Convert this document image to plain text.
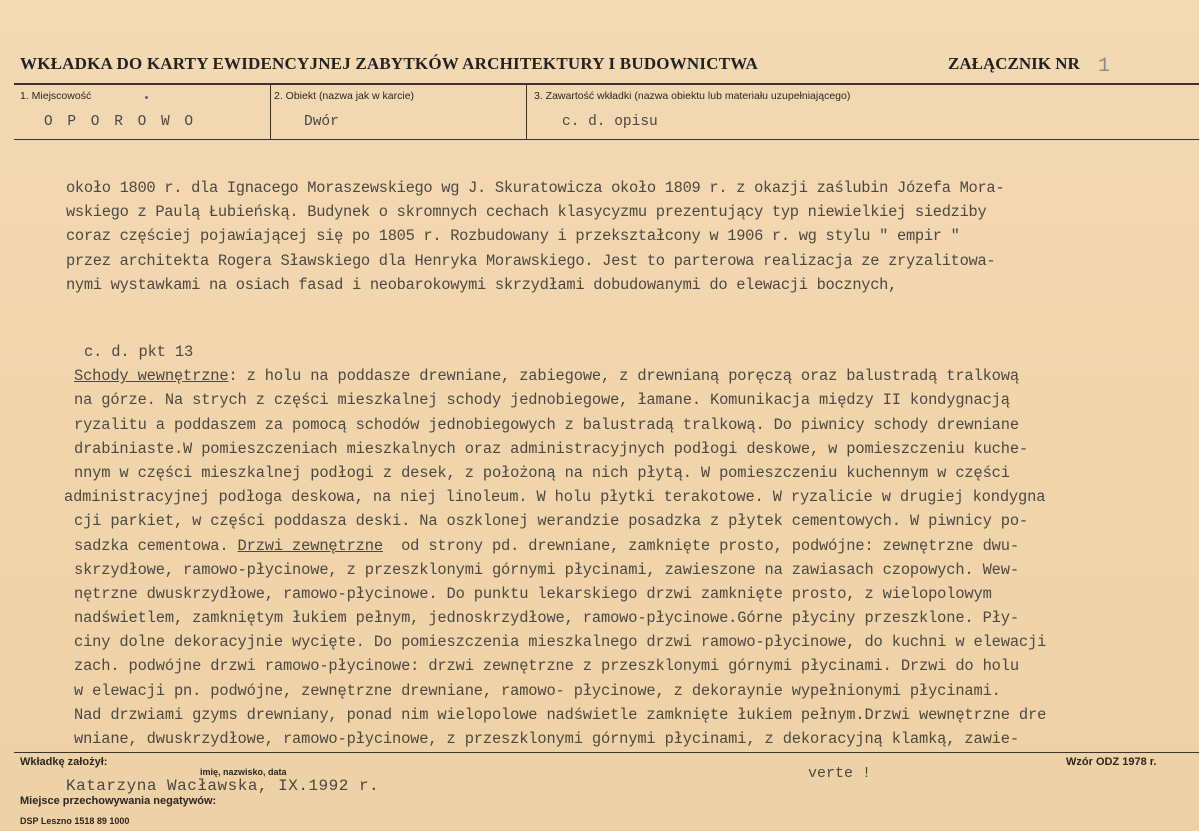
WKŁADKA DO KARTY EWIDENCYJNEJ ZABYTKÓW ARCHITEKTURY I BUDOWNICTWA	ZAŁĄCZNIK NR 1
1. Miejscowość
O P O R O W O
2. Obiekt (nazwa jak w karcie)
Dwór
3. Zawartość wkładki (nazwa obiektu lub materiału uzupełniającego)
c. d. opisu
około 1800 r. dla Ignacego Moraszewskiego wg J. Skuratowicza około 1809 r. z okazji zaślubin Józefa Mora-
wskiego z Paulą Łubieńską. Budynek o skromnych cechach klasycyzmu prezentujący typ niewielkiej siedziby
coraz częściej pojawiającej się po 1805 r. Rozbudowany i przekształcony w 1906 r. wg stylu " empir "
przez architekta Rogera Sławskiego dla Henryka Morawskiego. Jest to parterowa realizacja ze zryzalitowa-
nymi wystawkami na osiach fasad i neobarokowymi skrzydłami dobudowanymi do elewacji bocznych,
c. d. pkt 13
Schody wewnętrzne: z holu na poddasze drewniane, zabiegowe, z drewnianą poręczą oraz balustradą tralkową
na górze. Na strych z części mieszkalnej schody jednobiegowe, łamane. Komunikacja między II kondygnacją
ryzalitu a poddaszem za pomocą schodów jednobiegowych z balustradą tralkową. Do piwnicy schody drewniane
drabiniaste.W pomieszczeniach mieszkalnych oraz administracyjnych podłogi deskowe, w pomieszczeniu kuche-
nnym w części mieszkalnej podłogi z desek, z położoną na nich płytą. W pomieszczeniu kuchennym w części
administracyjnej podłoga deskowa, na niej linoleum. W holu płytki terakotowe. W ryzalicie w drugiej kondygna
cji parkiet, w części poddasza deski. Na oszklonej werandzie posadzka z płytek cementowych. W piwnicy po-
sadzka cementowa. Drzwi zewnętrzne  od strony pd. drewniane, zamknięte prosto, podwójne: zewnętrzne dwu-
skrzydłowe, ramowo-płycinowe, z przeszklonymi górnymi płycinami, zawieszone na zawiasach czopowych. Wew-
nętrzne dwuskrzydłowe, ramowo-płycinowe. Do punktu lekarskiego drzwi zamknięte prosto, z wielopolowym
nadświetlem, zamkniętym łukiem pełnym, jednoskrzydłowe, ramowo-płycinowe.Górne płyciny przeszklone. Pły-
ciny dolne dekoracyjnie wycięte. Do pomieszczenia mieszkalnego drzwi ramowo-płycinowe, do kuchni w elewacji
zach. podwójne drzwi ramowo-płycinowe: drzwi zewnętrzne z przeszklonymi górnymi płycinami. Drzwi do holu
w elewacji pn. podwójne, zewnętrzne drewniane, ramowo- płycinowe, z dekoraynie wypełnionymi płycinami.
Nad drzwiami gzyms drewniany, ponad nim wielopolowe nadświetle zamknięte łukiem pełnym.Drzwi wewnętrzne dre
wniane, dwuskrzydłowe, ramowo-płycinowe, z przeszklonymi górnymi płycinami, z dekoracyjną klamką, zawie-
Wkładkę założył:
imię, nazwisko, data
Katarzyna Wacławska, IX.1992 r.
verte !
Wzór ODZ 1978 r.
Miejsce przechowywania negatywów:
DSP Leszno 1518 89 1000
